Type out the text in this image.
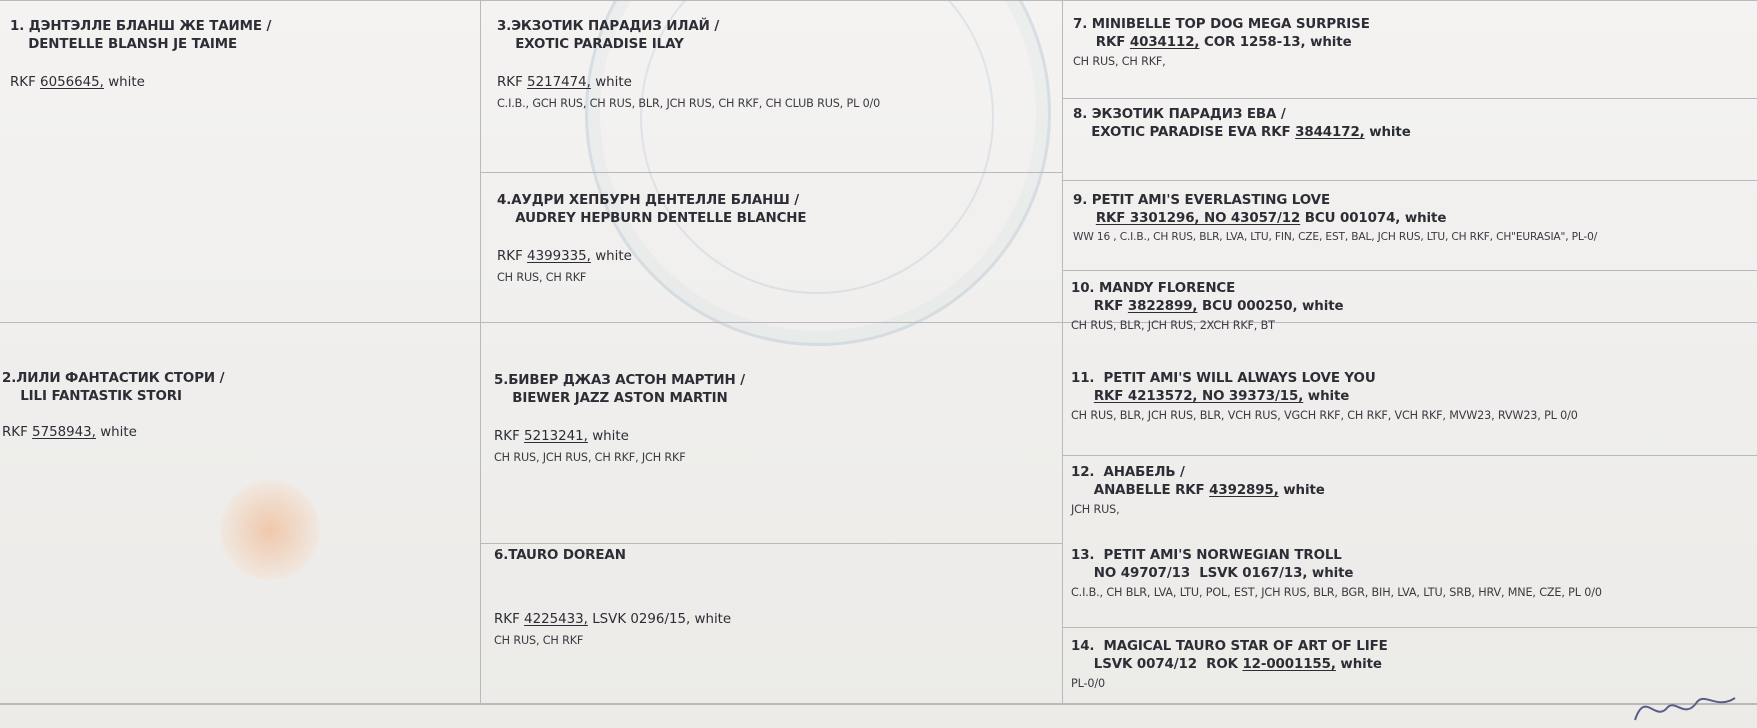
1. ДЭНТЭЛЛЕ БЛАНШ ЖЕ ТАИМЕ /
DENTELLE BLANSH JE TAIME
RKF 6056645, white
2.ЛИЛИ ФАНТАСТИК СТОРИ /
LILI FANTASTIK STORI
RKF 5758943, white
3.ЭКЗОТИК ПАРАДИЗ ИЛАЙ /
EXOTIC PARADISE ILAY
RKF 5217474, white
C.I.B., GCH RUS, CH RUS, BLR, JCH RUS, CH RKF, CH CLUB RUS, PL 0/0
4.АУДРИ ХЕПБУРН ДЕНТЕЛЛЕ БЛАНШ /
AUDREY HEPBURN DENTELLE BLANCHE
RKF 4399335, white
CH RUS, CH RKF
5.БИВЕР ДЖАЗ АСТОН МАРТИН /
BIEWER JAZZ ASTON MARTIN
RKF 5213241, white
CH RUS, JCH RUS, CH RKF, JCH RKF
6.TAURO DOREAN
RKF 4225433, LSVK 0296/15, white
CH RUS, CH RKF
7. MINIBELLE TOP DOG MEGA SURPRISE
RKF 4034112, COR 1258-13, white
CH RUS, CH RKF,
8. ЭКЗОТИК ПАРАДИЗ ЕВА /
EXOTIC PARADISE EVA RKF 3844172, white
9. PETIT AMI'S EVERLASTING LOVE
RKF 3301296, NO 43057/12 BCU 001074, white
WW 16 , C.I.B., CH RUS, BLR, LVA, LTU, FIN, CZE, EST, BAL, JCH RUS, LTU, CH RKF, CH"EURASIA", PL-0/
10. MANDY FLORENCE
RKF 3822899, BCU 000250, white
CH RUS, BLR, JCH RUS, 2XCH RKF, BT
11.  PETIT AMI'S WILL ALWAYS LOVE YOU
RKF 4213572, NO 39373/15, white
CH RUS, BLR, JCH RUS, BLR, VCH RUS, VGCH RKF, CH RKF, VCH RKF, MVW23, RVW23, PL 0/0
12.  АНАБЕЛЬ /
ANABELLE RKF 4392895, white
JCH RUS,
13.  PETIT AMI'S NORWEGIAN TROLL
NO 49707/13  LSVK 0167/13, white
C.I.B., CH BLR, LVA, LTU, POL, EST, JCH RUS, BLR, BGR, BIH, LVA, LTU, SRB, HRV, MNE, CZE, PL 0/0
14.  MAGICAL TAURO STAR OF ART OF LIFE
LSVK 0074/12  ROK 12-0001155, white
PL-0/0
